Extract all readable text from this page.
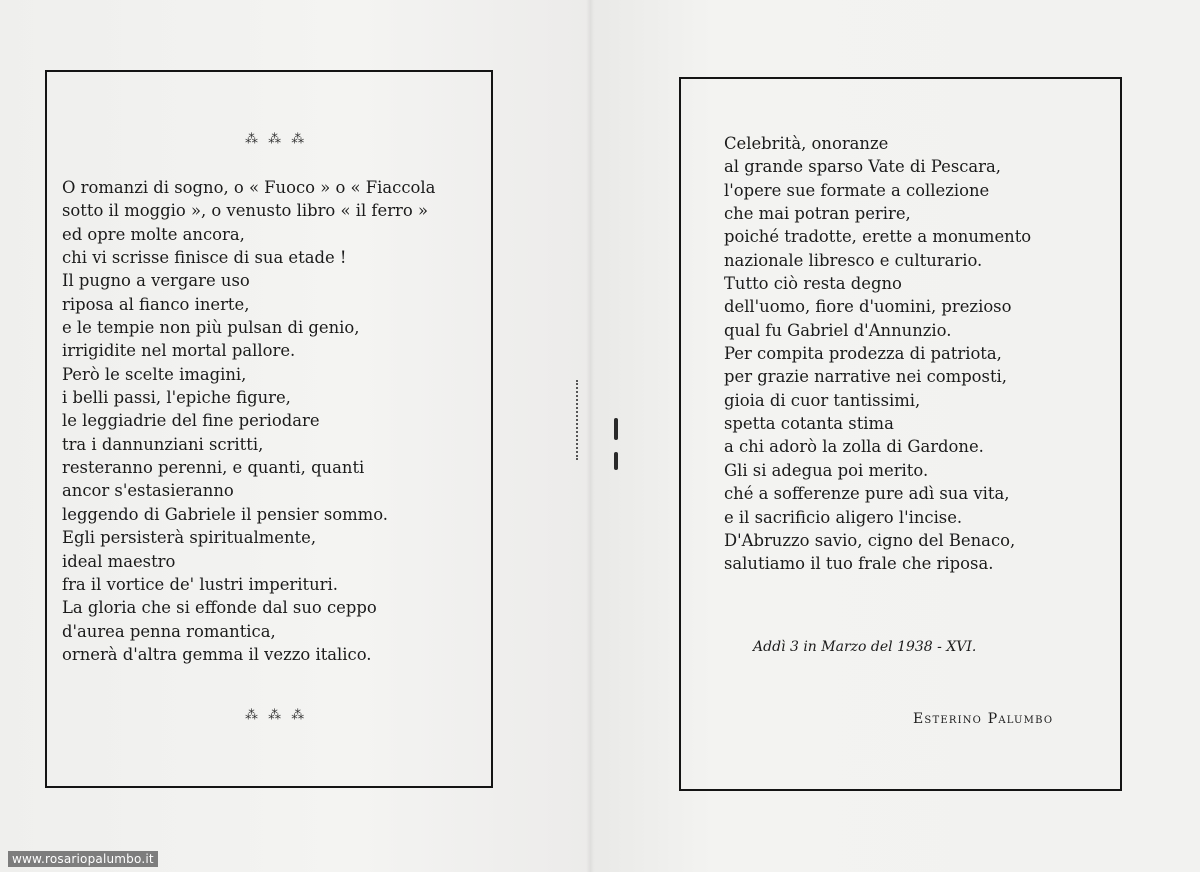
⁂ ⁂ ⁂
O romanzi di sogno, o « Fuoco » o « Fiaccola
sotto il moggio », o venusto libro « il ferro »
ed opre molte ancora,
chi vi scrisse finisce di sua etade !
Il pugno a vergare uso
riposa al fianco inerte,
e le tempie non più pulsan di genio,
irrigidite nel mortal pallore.
Però le scelte imagini,
i belli passi, l'epiche figure,
le leggiadrie del fine periodare
tra i dannunziani scritti,
resteranno perenni, e quanti, quanti
ancor s'estasieranno
leggendo di Gabriele il pensier sommo.
Egli persisterà spiritualmente,
ideal maestro
fra il vortice de' lustri imperituri.
La gloria che si effonde dal suo ceppo
d'aurea penna romantica,
ornerà d'altra gemma il vezzo italico.
⁂ ⁂ ⁂
Celebrità, onoranze
al grande sparso Vate di Pescara,
l'opere sue formate a collezione
che mai potran perire,
poiché tradotte, erette a monumento
nazionale libresco e culturario.
Tutto ciò resta degno
dell'uomo, fiore d'uomini, prezioso
qual fu Gabriel d'Annunzio.
Per compita prodezza di patriota,
per grazie narrative nei composti,
gioia di cuor tantissimi,
spetta cotanta stima
a chi adorò la zolla di Gardone.
Gli si adegua poi merito.
ché a sofferenze pure adì sua vita,
e il sacrificio aligero l'incise.
D'Abruzzo savio, cigno del Benaco,
salutiamo il tuo frale che riposa.
Addì 3 in Marzo del 1938 - XVI.
Esterino Palumbo
www.rosariopalumbo.it
